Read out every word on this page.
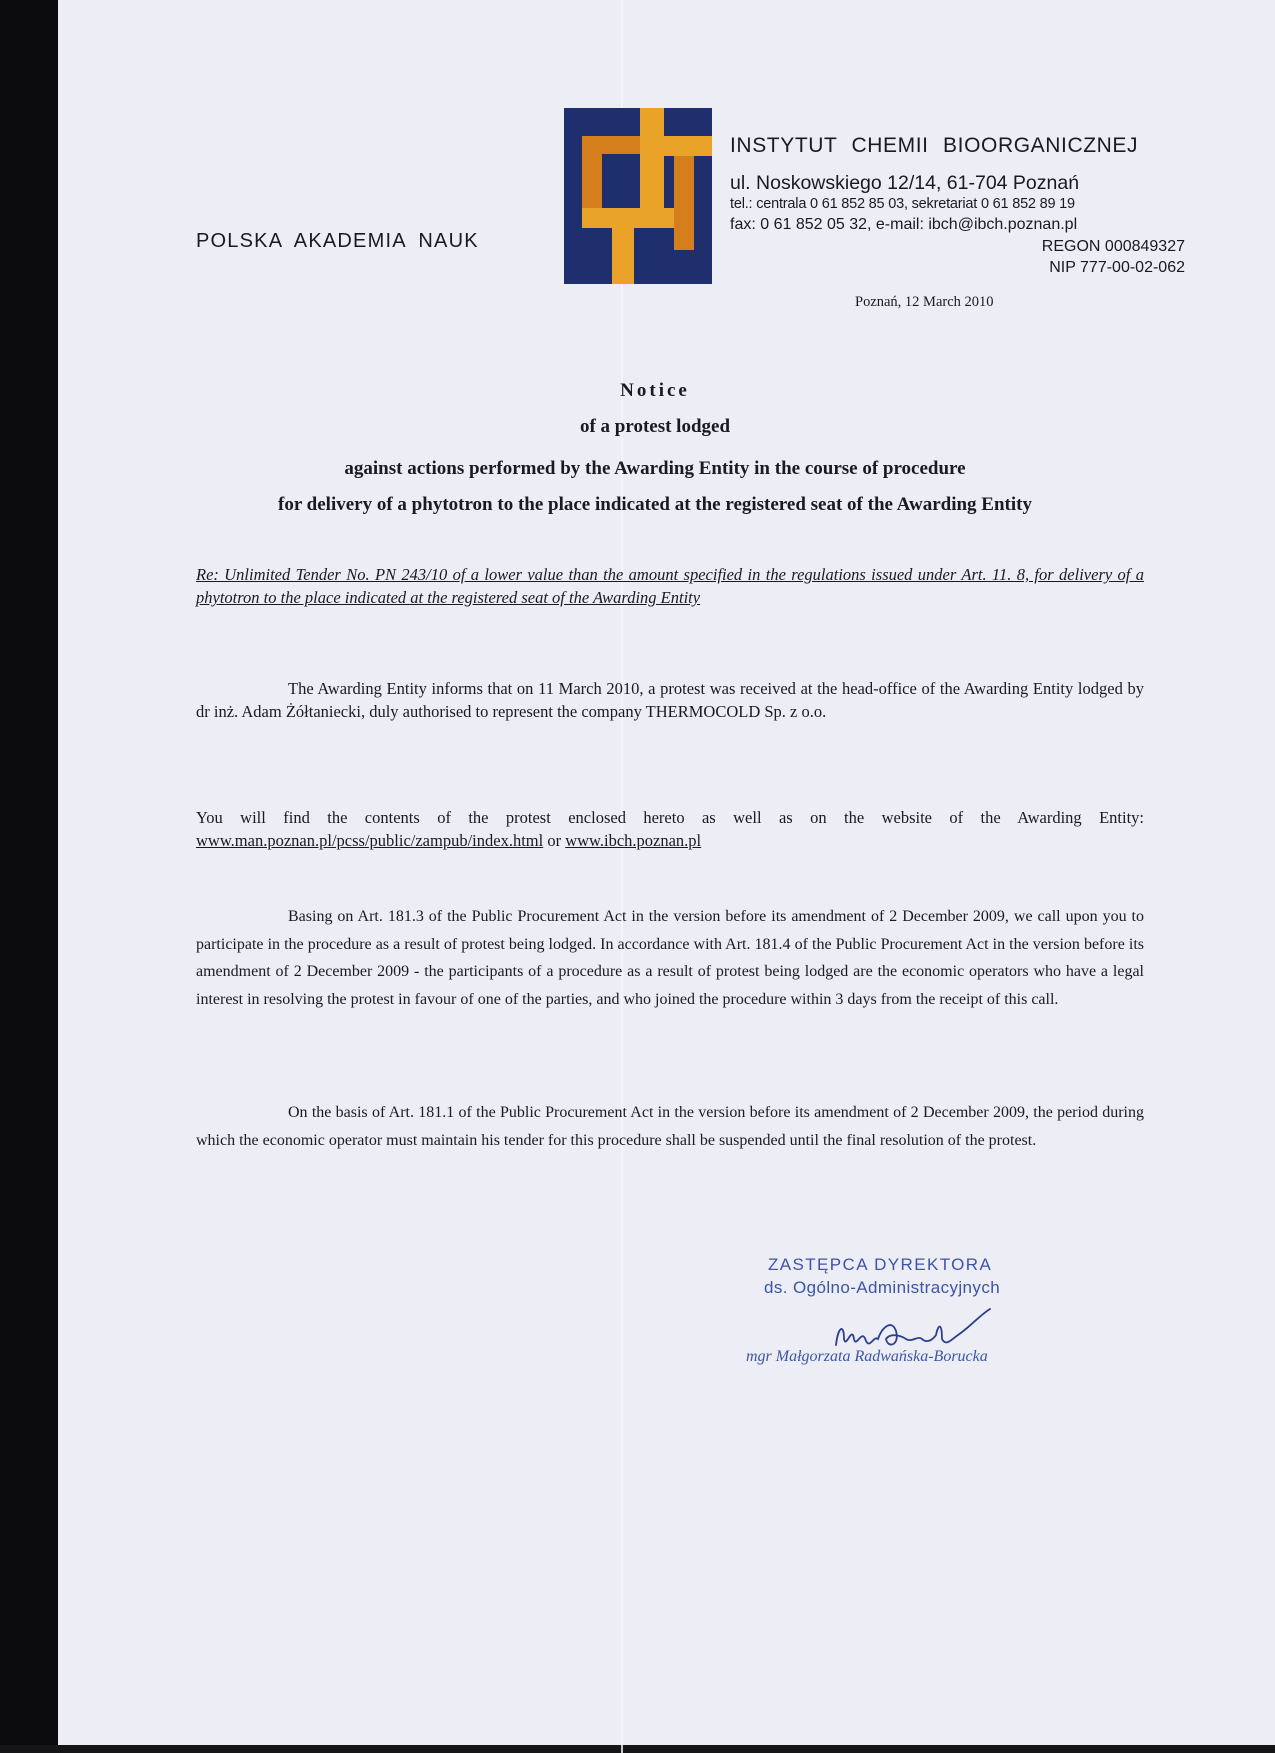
POLSKA AKADEMIA NAUK
INSTYTUT CHEMII BIOORGANICZNEJ
ul. Noskowskiego 12/14, 61-704 Poznań
tel.: centrala 0 61 852 85 03, sekretariat 0 61 852 89 19
fax: 0 61 852 05 32, e-mail: ibch@ibch.poznan.pl
REGON 000849327
NIP 777-00-02-062
Poznań, 12 March 2010
Notice
of a protest lodged
against actions performed by the Awarding Entity in the course of procedure
for delivery of a phytotron to the place indicated at the registered seat of the Awarding Entity
Re: Unlimited Tender No. PN 243/10 of a lower value than the amount specified in the regulations issued under Art. 11. 8, for delivery of a phytotron to the place indicated at the registered seat of the Awarding Entity
The Awarding Entity informs that on 11 March 2010, a protest was received at the head-office of the Awarding Entity lodged by dr inż. Adam Żółtaniecki, duly authorised to represent the company THERMOCOLD Sp. z o.o.
You will find the contents of the protest enclosed hereto as well as on the website of the Awarding Entity: www.man.poznan.pl/pcss/public/zampub/index.html or www.ibch.poznan.pl
Basing on Art. 181.3 of the Public Procurement Act in the version before its amendment of 2 December 2009, we call upon you to participate in the procedure as a result of protest being lodged. In accordance with Art. 181.4 of the Public Procurement Act in the version before its amendment of 2 December 2009 - the participants of a procedure as a result of protest being lodged are the economic operators who have a legal interest in resolving the protest in favour of one of the parties, and who joined the procedure within 3 days from the receipt of this call.
On the basis of Art. 181.1 of the Public Procurement Act in the version before its amendment of 2 December 2009, the period during which the economic operator must maintain his tender for this procedure shall be suspended until the final resolution of the protest.
ZASTĘPCA DYREKTORA
ds. Ogólno-Administracyjnych
mgr Małgorzata Radwańska-Borucka
